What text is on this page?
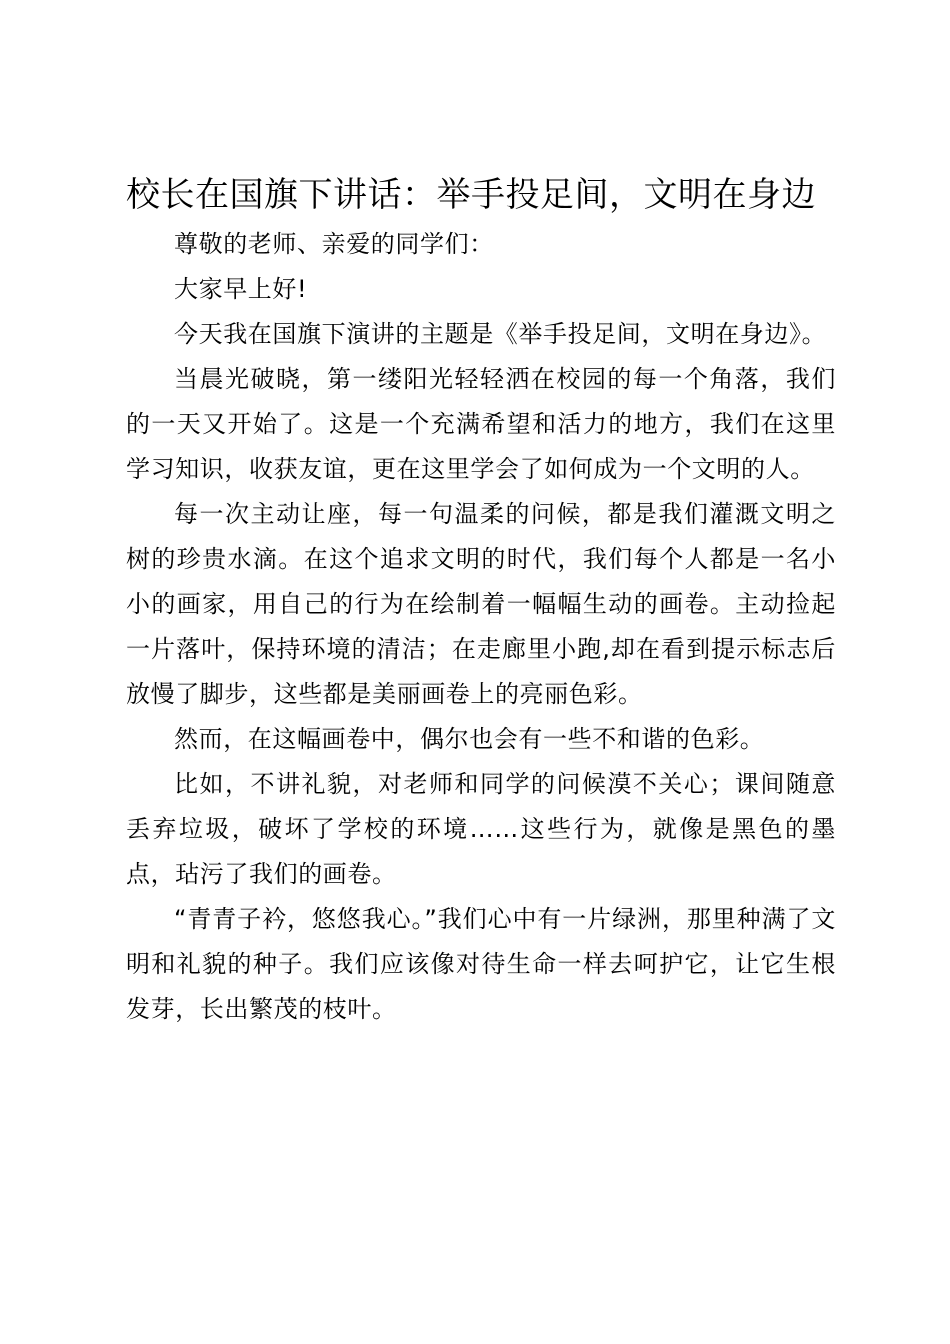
校长在国旗下讲话：举手投足间，文明在身边

尊敬的老师、亲爱的同学们：

大家早上好!

今天我在国旗下演讲的主题是《举手投足间，文明在身边》。

当晨光破晓，第一缕阳光轻轻洒在校园的每一个角落，我们的一天又开始了。这是一个充满希望和活力的地方，我们在这里学习知识，收获友谊，更在这里学会了如何成为一个文明的人。

每一次主动让座，每一句温柔的问候，都是我们灌溉文明之树的珍贵水滴。在这个追求文明的时代，我们每个人都是一名小小的画家，用自己的行为在绘制着一幅幅生动的画卷。主动捡起一片落叶，保持环境的清洁；在走廊里小跑,却在看到提示标志后放慢了脚步，这些都是美丽画卷上的亮丽色彩。

然而，在这幅画卷中，偶尔也会有一些不和谐的色彩。

比如，不讲礼貌，对老师和同学的问候漠不关心；课间随意丢弃垃圾，破坏了学校的环境……这些行为，就像是黑色的墨点，玷污了我们的画卷。

“青青子衿，悠悠我心。”我们心中有一片绿洲，那里种满了文明和礼貌的种子。我们应该像对待生命一样去呵护它，让它生根发芽，长出繁茂的枝叶。
